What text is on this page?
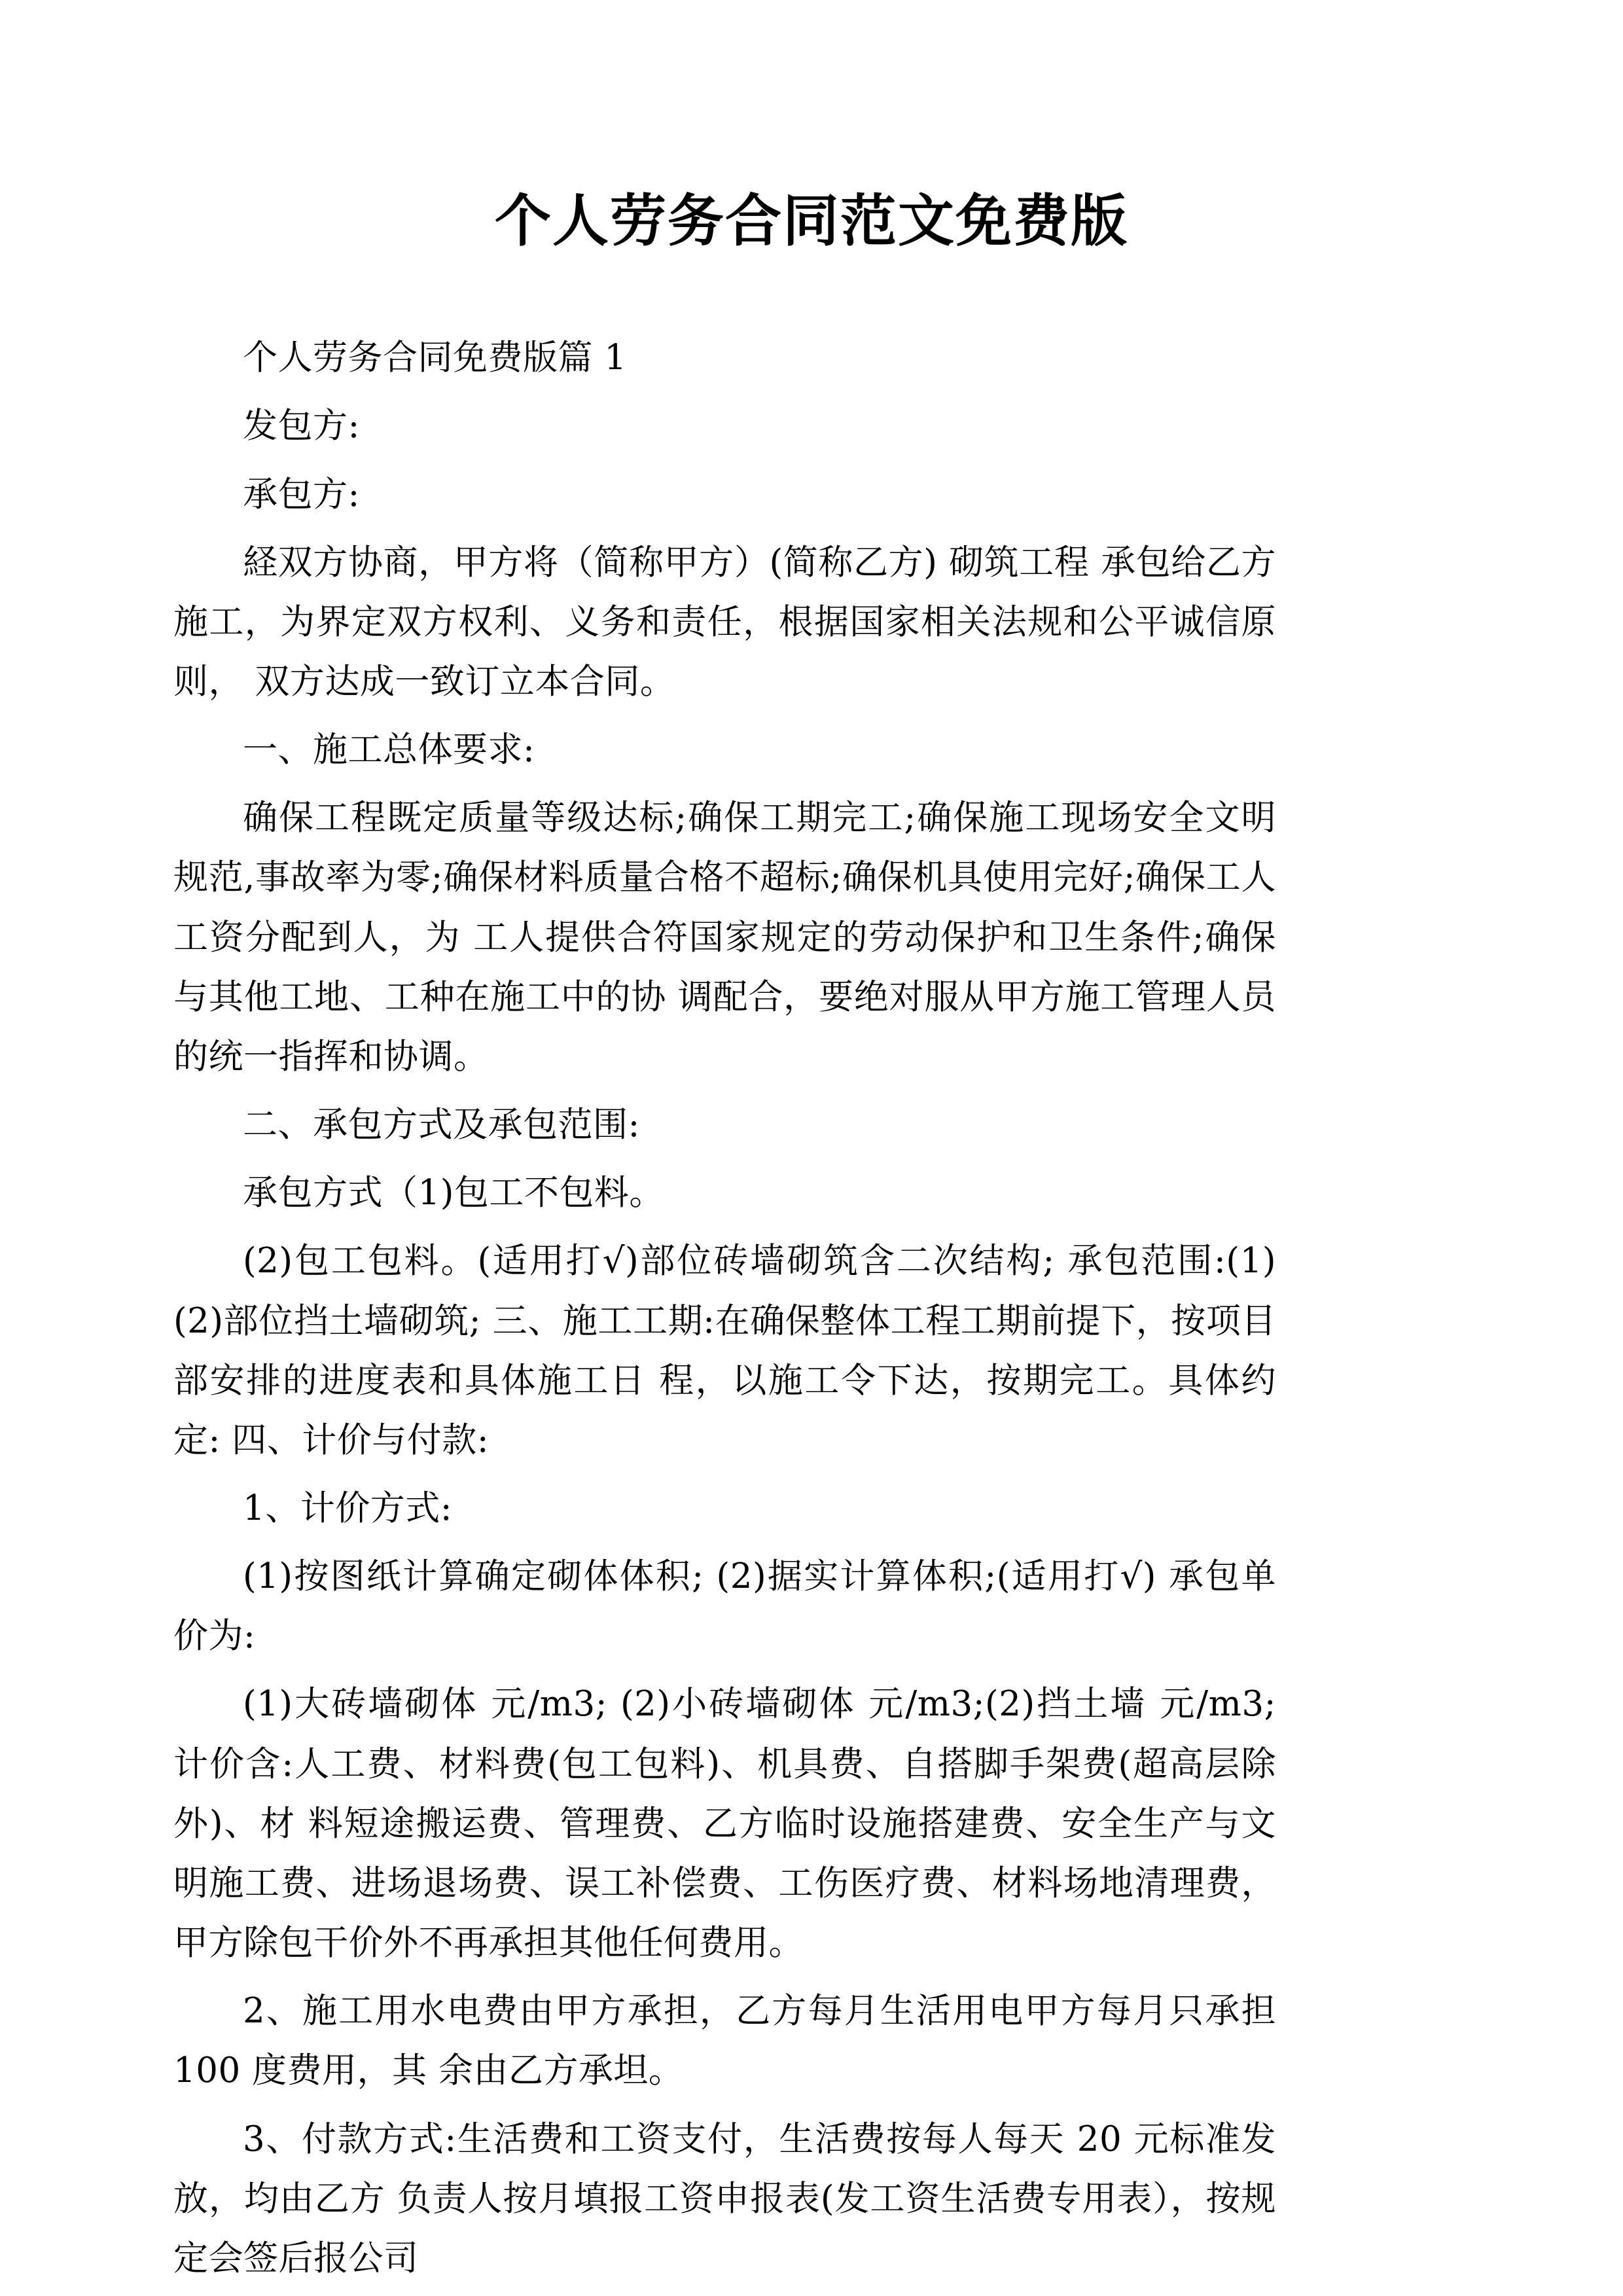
个人劳务合同范文免费版

个人劳务合同免费版篇 1

发包方:

承包方:

経双方协商，甲方将（简称甲方）(简称乙方) 砌筑工程 承包给乙方施工，为界定双方权利、义务和责任，根据国家相关法规和公平诚信原则， 双方达成一致订立本合同。

一、施工总体要求:

确保工程既定质量等级达标;确保工期完工;确保施工现场安全文明规范,事故率为零;确保材料质量合格不超标;确保机具使用完好;确保工人工资分配到人，为 工人提供合符国家规定的劳动保护和卫生条件;确保与其他工地、工种在施工中的协 调配合，要绝对服从甲方施工管理人员的统一指挥和协调。

二、承包方式及承包范围:

承包方式（1)包工不包料。

(2)包工包料。(适用打√)部位砖墙砌筑含二次结构; 承包范围:(1)(2)部位挡土墙砌筑; 三、施工工期:在确保整体工程工期前提下，按项目部安排的进度表和具体施工日 程，以施工令下达，按期完工。具体约定: 四、计价与付款:

1、计价方式:

(1)按图纸计算确定砌体体积; (2)据实计算体积;(适用打√) 承包单价为:

(1)大砖墙砌体 元/m3; (2)小砖墙砌体 元/m3;(2)挡土墙 元/m3; 计价含:人工费、材料费(包工包料)、机具费、自搭脚手架费(超高层除外)、材 料短途搬运费、管理费、乙方临时设施搭建费、安全生产与文明施工费、进场退场费、误工补偿费、工伤医疗费、材料场地清理费，甲方除包干价外不再承担其他任何费用。

2、施工用水电费由甲方承担，乙方每月生活用电甲方每月只承担 100 度费用，其 余由乙方承坦。

3、付款方式:生活费和工资支付，生活费按每人每天 20 元标准发放，均由乙方 负责人按月填报工资申报表(发工资生活费专用表），按规定会签后报公司
